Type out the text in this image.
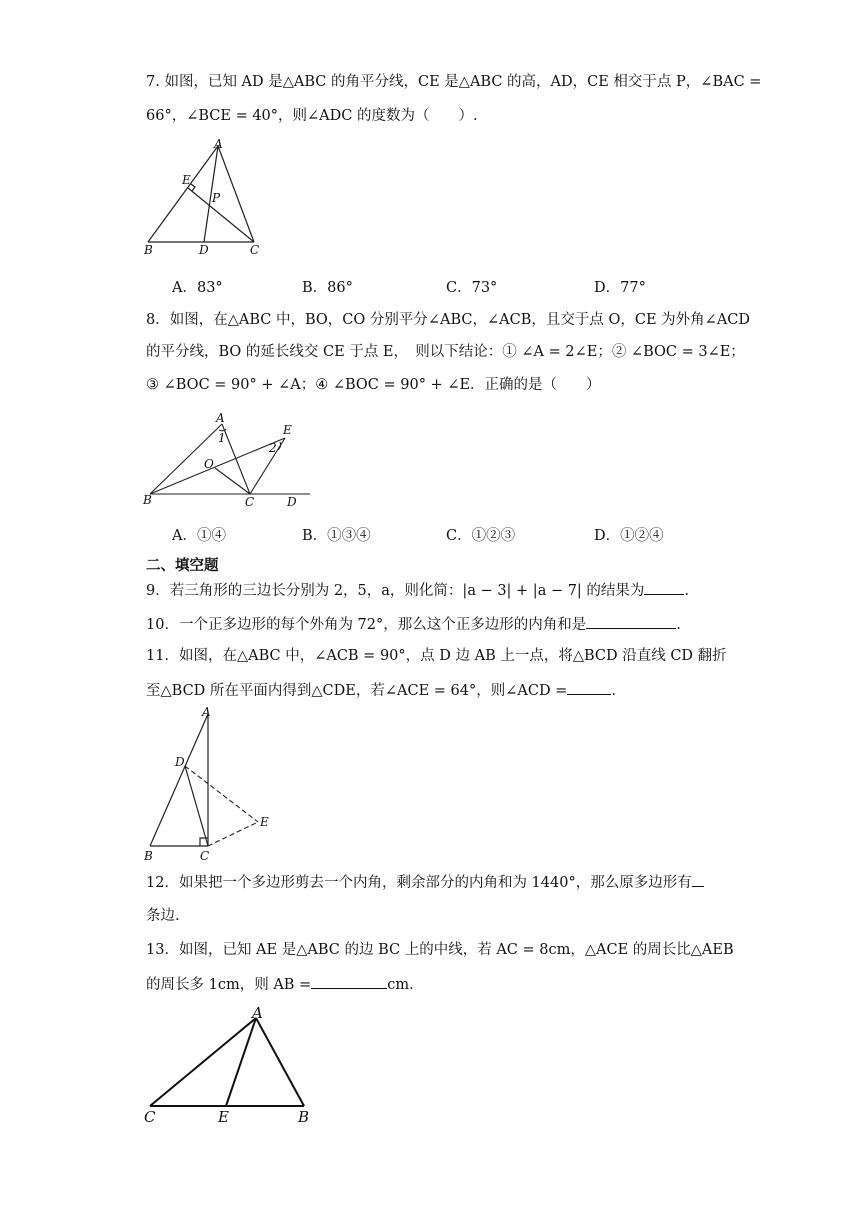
7. 如图，已知 AD 是△ABC 的角平分线，CE 是△ABC 的高，AD，CE 相交于点 P，∠BAC =
66°，∠BCE = 40°，则∠ADC 的度数为（　　）.
A
E
P
B	D	C
A．83°	B．86°	C．73°	D．77°
8．如图，在△ABC 中，BO，CO 分别平分∠ABC，∠ACB，且交于点 O，CE 为外角∠ACD
的平分线，BO 的延长线交 CE 于点 E，　则以下结论：① ∠A = 2∠E；② ∠BOC = 3∠E；
③ ∠BOC = 90° + ∠A；④ ∠BOC = 90° + ∠E．正确的是（　　）
A
1
E
2
O
B	C	D
A．①④	B．①③④	C．①②③	D．①②④
二、填空题
9．若三角形的三边长分别为 2，5，a，则化简：|a − 3| + |a − 7| 的结果为	.
10．一个正多边形的每个外角为 72°，那么这个正多边形的内角和是	.
11．如图，在△ABC 中，∠ACB = 90°，点 D 边 AB 上一点，将△BCD 沿直线 CD 翻折
至△BCD 所在平面内得到△CDE，若∠ACE = 64°，则∠ACD =	.
A
D
E
B	C
12．如果把一个多边形剪去一个内角，剩余部分的内角和为 1440°，那么原多边形有
条边.
13．如图，已知 AE 是△ABC 的边 BC 上的中线，若 AC = 8cm，△ACE 的周长比△AEB
的周长多 1cm，则 AB =	cm．
A
C	E	B
